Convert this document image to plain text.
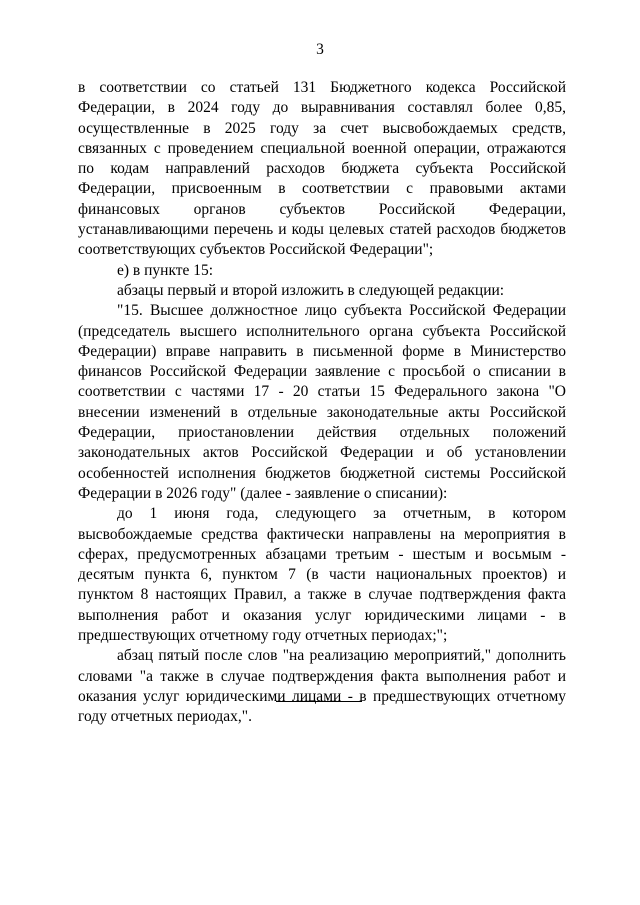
3

в соответствии со статьей 131 Бюджетного кодекса Российской Федерации, в 2024 году до выравнивания составлял более 0,85, осуществленные в 2025 году за счет высвобождаемых средств, связанных с проведением специальной военной операции, отражаются по кодам направлений расходов бюджета субъекта Российской Федерации, присвоенным в соответствии с правовыми актами финансовых органов субъектов Российской Федерации, устанавливающими перечень и коды целевых статей расходов бюджетов соответствующих субъектов Российской Федерации";

е) в пункте 15:

абзацы первый и второй изложить в следующей редакции:

"15. Высшее должностное лицо субъекта Российской Федерации (председатель высшего исполнительного органа субъекта Российской Федерации) вправе направить в письменной форме в Министерство финансов Российской Федерации заявление с просьбой о списании в соответствии с частями 17 - 20 статьи 15 Федерального закона "О внесении изменений в отдельные законодательные акты Российской Федерации, приостановлении действия отдельных положений законодательных актов Российской Федерации и об установлении особенностей исполнения бюджетов бюджетной системы Российской Федерации в 2026 году" (далее - заявление о списании):

до 1 июня года, следующего за отчетным, в котором высвобождаемые средства фактически направлены на мероприятия в сферах, предусмотренных абзацами третьим - шестым и восьмым - десятым пункта 6, пунктом 7 (в части национальных проектов) и пунктом 8 настоящих Правил, а также в случае подтверждения факта выполнения работ и оказания услуг юридическими лицами - в предшествующих отчетному году отчетных периодах;";

абзац пятый после слов "на реализацию мероприятий," дополнить словами "а также в случае подтверждения факта выполнения работ и оказания услуг юридическими лицами - в предшествующих отчетному году отчетных периодах,".
